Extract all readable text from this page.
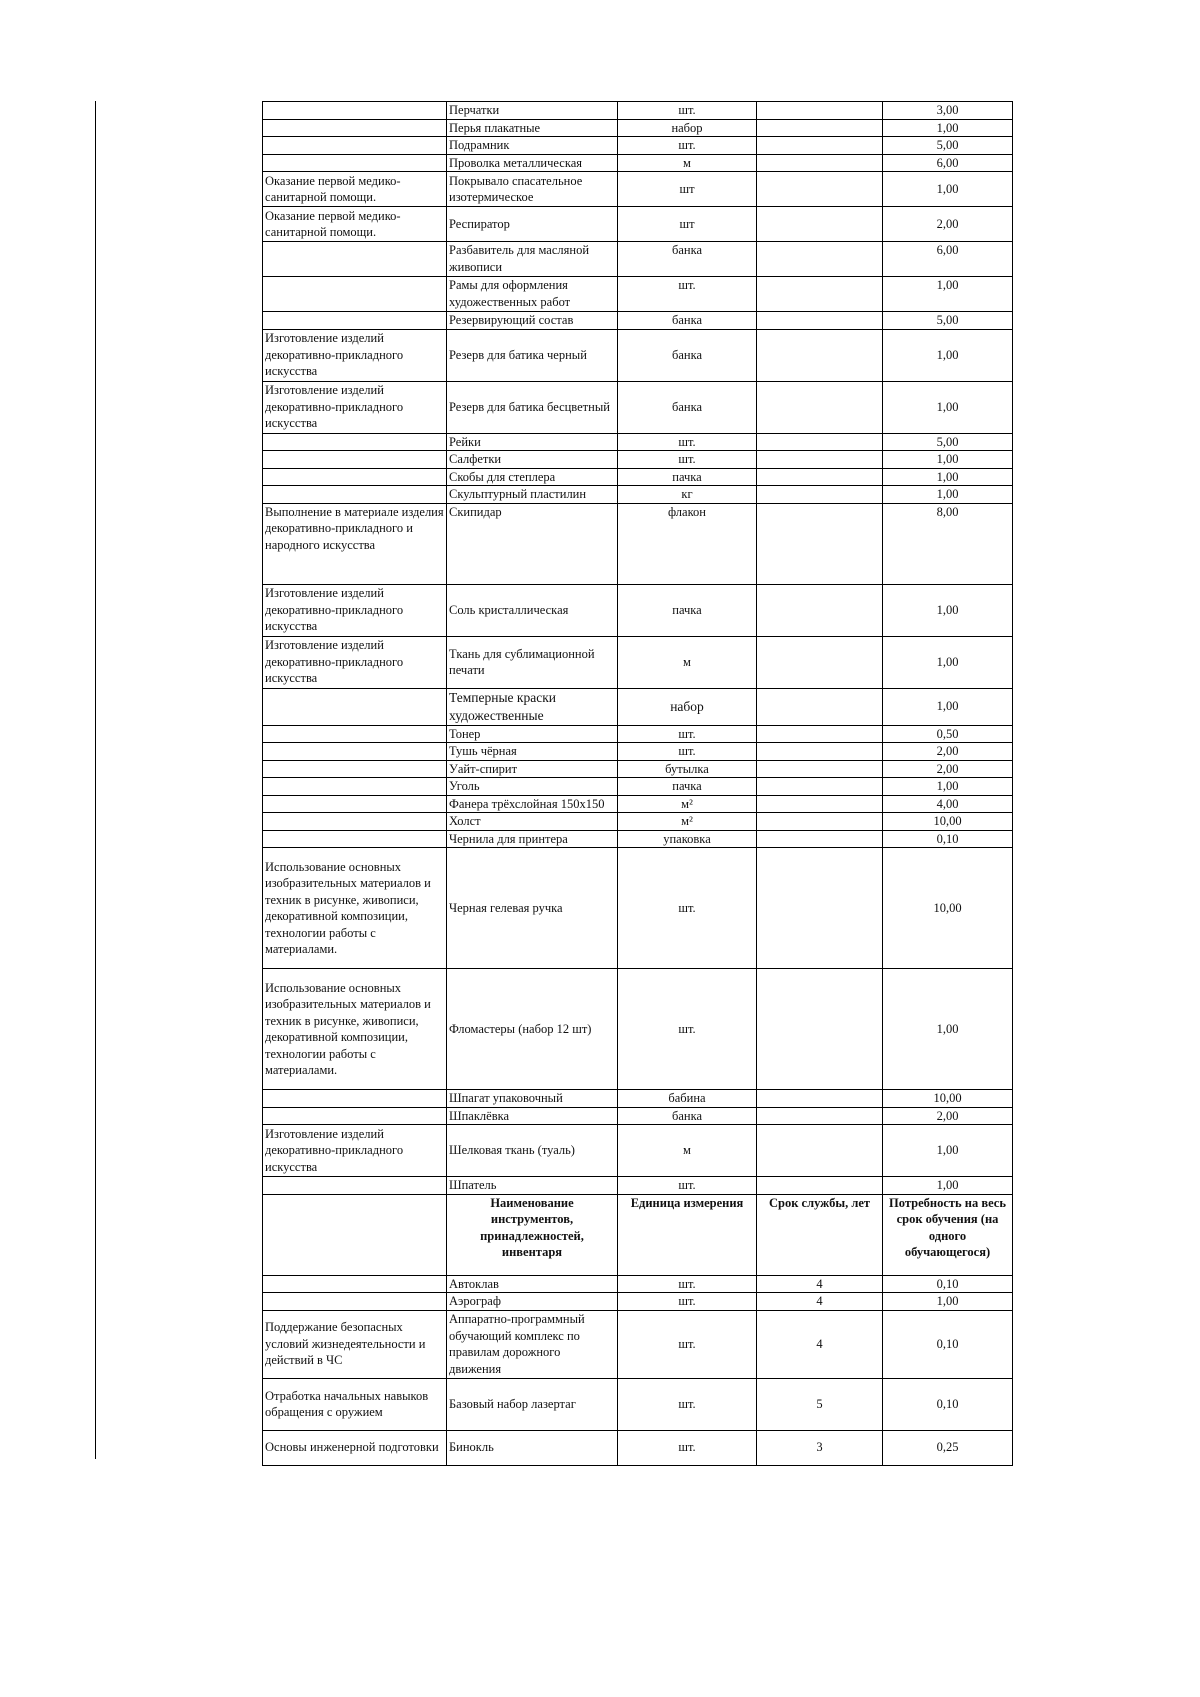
	Перчатки	шт.		3,00
	Перья плакатные	набор		1,00
	Подрамник	шт.		5,00
	Проволка металлическая	м		6,00
Оказание первой медико-санитарной помощи.	Покрывало спасательное изотермическое	шт		1,00
Оказание первой медико-санитарной помощи.	Респиратор	шт		2,00
	Разбавитель для масляной живописи	банка		6,00
	Рамы для оформления художественных работ	шт.		1,00
	Резервирующий состав	банка		5,00
Изготовление изделий декоративно-прикладного искусства	Резерв для батика черный	банка		1,00
Изготовление изделий декоративно-прикладного искусства	Резерв для батика бесцветный	банка		1,00
	Рейки	шт.		5,00
	Салфетки	шт.		1,00
	Скобы для степлера	пачка		1,00
	Скульптурный пластилин	кг		1,00
Выполнение в материале изделия декоративно-прикладного и народного искусства	Скипидар	флакон		8,00
Изготовление изделий декоративно-прикладного искусства	Соль кристаллическая	пачка		1,00
Изготовление изделий декоративно-прикладного искусства	Ткань для сублимационной печати	м		1,00
	Темперные краски художественные	набор		1,00
	Тонер	шт.		0,50
	Тушь чёрная	шт.		2,00
	Уайт-спирит	бутылка		2,00
	Уголь	пачка		1,00
	Фанера трёхслойная 150x150	м²		4,00
	Холст	м²		10,00
	Чернила для принтера	упаковка		0,10
Использование основных изобразительных материалов и техник в рисунке, живописи, декоративной композиции, технологии работы с материалами.	Черная гелевая ручка	шт.		10,00
Использование основных изобразительных материалов и техник в рисунке, живописи, декоративной композиции, технологии работы с материалами.	Фломастеры (набор 12 шт)	шт.		1,00
	Шпагат упаковочный	бабина		10,00
	Шпаклёвка	банка		2,00
Изготовление изделий декоративно-прикладного искусства	Шелковая ткань (туаль)	м		1,00
	Шпатель	шт.		1,00
	Наименование инструментов, принадлежностей, инвентаря	Единица измерения	Срок службы, лет	Потребность на весь срок обучения (на одного обучающегося)
	Автоклав	шт.	4	0,10
	Аэрограф	шт.	4	1,00
Поддержание безопасных условий жизнедеятельности и действий в ЧС	Аппаратно-программный обучающий комплекс по правилам дорожного движения	шт.	4	0,10
Отработка начальных навыков обращения с оружием	Базовый набор лазертаг	шт.	5	0,10
Основы инженерной подготовки	Бинокль	шт.	3	0,25
